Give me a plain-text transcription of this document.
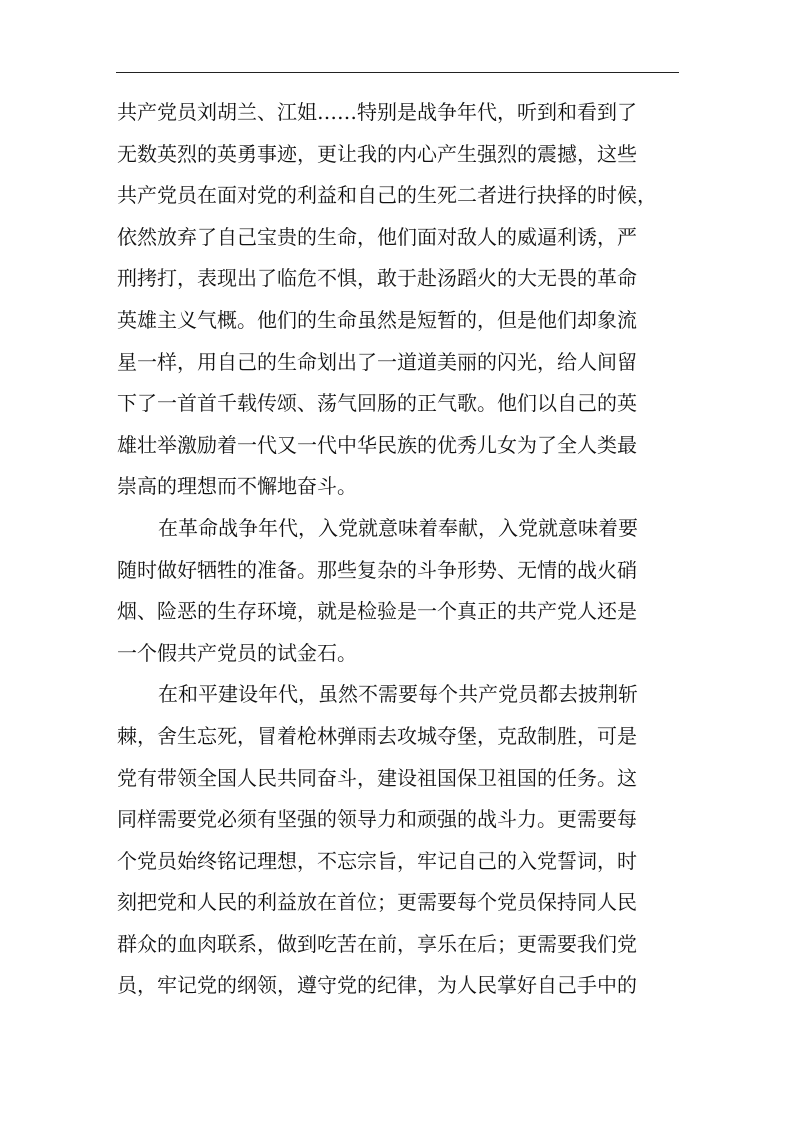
共产党员刘胡兰、江姐……特别是战争年代，听到和看到了
无数英烈的英勇事迹，更让我的内心产生强烈的震撼，这些
共产党员在面对党的利益和自己的生死二者进行抉择的时候，
依然放弃了自己宝贵的生命，他们面对敌人的威逼利诱，严
刑拷打，表现出了临危不惧，敢于赴汤蹈火的大无畏的革命
英雄主义气概。他们的生命虽然是短暂的，但是他们却象流
星一样，用自己的生命划出了一道道美丽的闪光，给人间留
下了一首首千载传颂、荡气回肠的正气歌。他们以自己的英
雄壮举激励着一代又一代中华民族的优秀儿女为了全人类最
崇高的理想而不懈地奋斗。
在革命战争年代，入党就意味着奉献，入党就意味着要
随时做好牺牲的准备。那些复杂的斗争形势、无情的战火硝
烟、险恶的生存环境，就是检验是一个真正的共产党人还是
一个假共产党员的试金石。
在和平建设年代，虽然不需要每个共产党员都去披荆斩
棘，舍生忘死，冒着枪林弹雨去攻城夺堡，克敌制胜，可是
党有带领全国人民共同奋斗，建设祖国保卫祖国的任务。这
同样需要党必须有坚强的领导力和顽强的战斗力。更需要每
个党员始终铭记理想，不忘宗旨，牢记自己的入党誓词，时
刻把党和人民的利益放在首位；更需要每个党员保持同人民
群众的血肉联系，做到吃苦在前，享乐在后；更需要我们党
员，牢记党的纲领，遵守党的纪律，为人民掌好自己手中的
